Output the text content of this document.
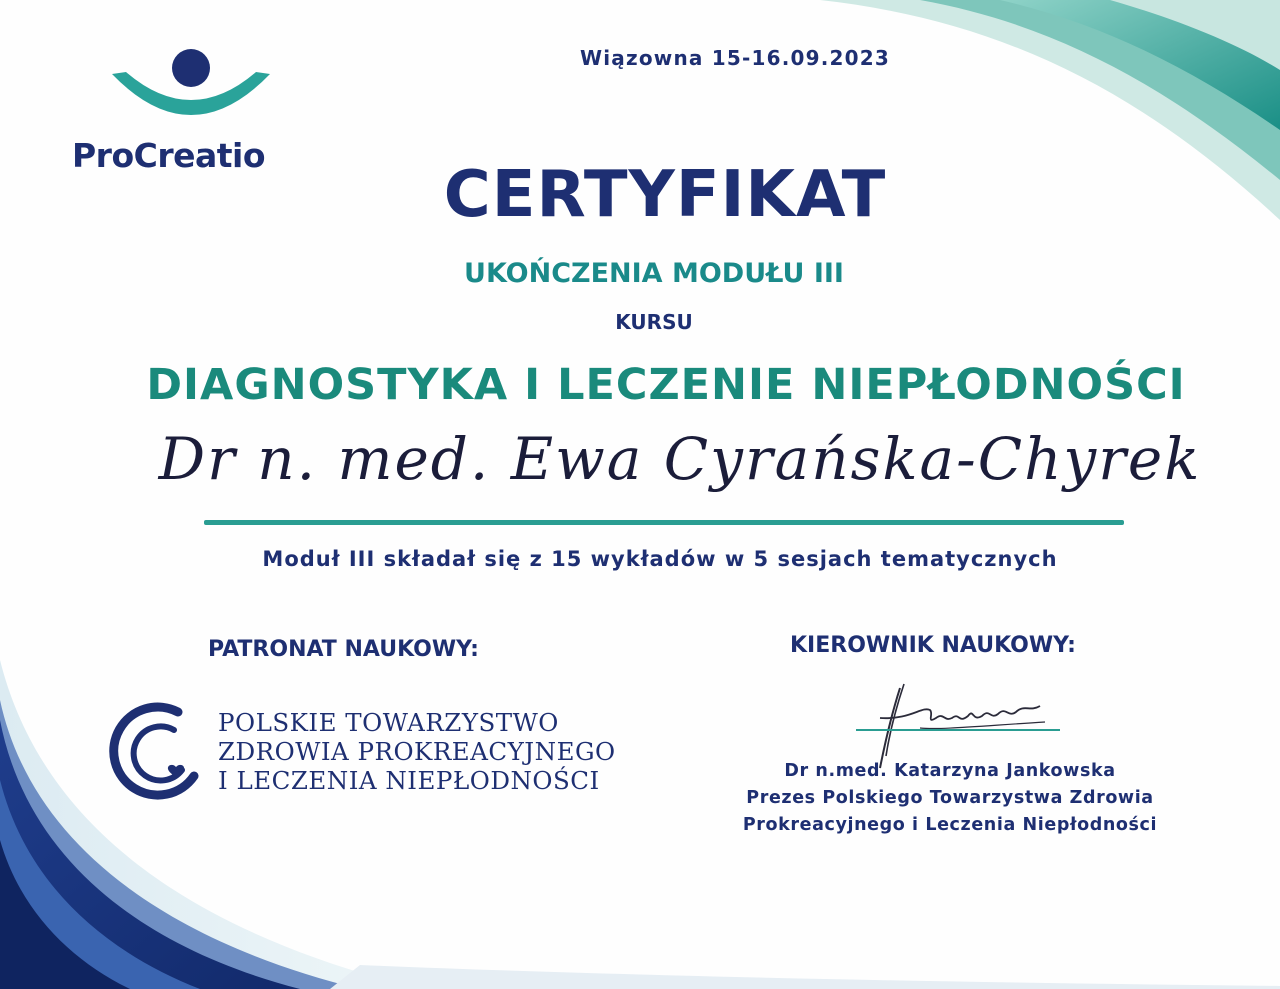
ProCreatio
Wiązowna 15-16.09.2023
CERTYFIKAT
UKOŃCZENIA MODUŁU III
KURSU
DIAGNOSTYKA I LECZENIE NIEPŁODNOŚCI
Dr n. med. Ewa Cyrańska-Chyrek
Moduł III składał się z 15 wykładów w 5 sesjach tematycznych
PATRONAT NAUKOWY:
POLSKIE TOWARZYSTWO
ZDROWIA PROKREACYJNEGO
I LECZENIA NIEPŁODNOŚCI
KIEROWNIK NAUKOWY:
Dr n.med. Katarzyna Jankowska
Prezes Polskiego Towarzystwa Zdrowia
Prokreacyjnego i Leczenia Niepłodności
